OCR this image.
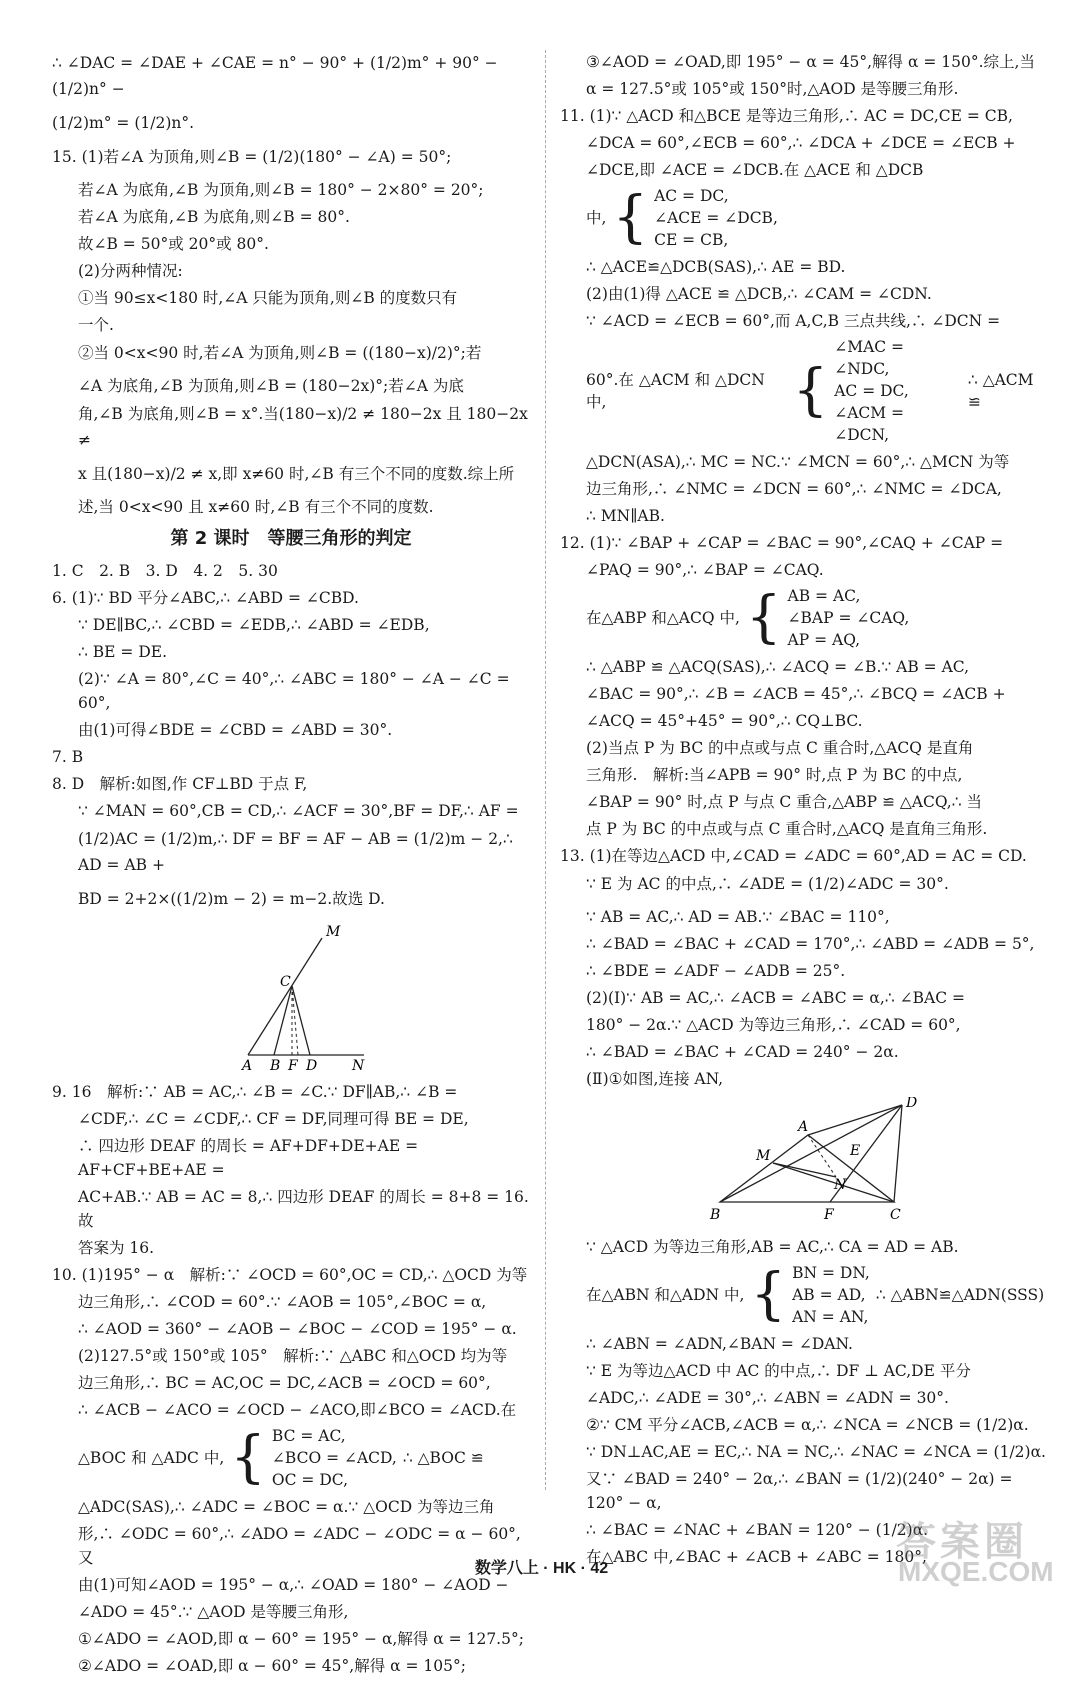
∴ ∠DAC = ∠DAE + ∠CAE = n° − 90° + (1/2)m° + 90° − (1/2)n° −
(1/2)m° = (1/2)n°.
15. (1)若∠A 为顶角,则∠B = (1/2)(180° − ∠A) = 50°;
若∠A 为底角,∠B 为顶角,则∠B = 180° − 2×80° = 20°;
若∠A 为底角,∠B 为底角,则∠B = 80°.
故∠B = 50°或 20°或 80°.
(2)分两种情况:
①当 90≤x<180 时,∠A 只能为顶角,则∠B 的度数只有
一个.
②当 0<x<90 时,若∠A 为顶角,则∠B = ((180−x)/2)°;若
∠A 为底角,∠B 为顶角,则∠B = (180−2x)°;若∠A 为底
角,∠B 为底角,则∠B = x°.当(180−x)/2 ≠ 180−2x 且 180−2x ≠
x 且(180−x)/2 ≠ x,即 x≠60 时,∠B 有三个不同的度数.综上所
述,当 0<x<90 且 x≠60 时,∠B 有三个不同的度数.
第 2 课时　等腰三角形的判定
1. C　2. B　3. D　4. 2　5. 30
6. (1)∵ BD 平分∠ABC,∴ ∠ABD = ∠CBD.
∵ DE∥BC,∴ ∠CBD = ∠EDB,∴ ∠ABD = ∠EDB,
∴ BE = DE.
(2)∵ ∠A = 80°,∠C = 40°,∴ ∠ABC = 180° − ∠A − ∠C = 60°,
由(1)可得∠BDE = ∠CBD = ∠ABD = 30°.
7. B
8. D　解析:如图,作 CF⊥BD 于点 F,
∵ ∠MAN = 60°,CB = CD,∴ ∠ACF = 30°,BF = DF,∴ AF =
(1/2)AC = (1/2)m,∴ DF = BF = AF − AB = (1/2)m − 2,∴ AD = AB +
BD = 2+2×((1/2)m − 2) = m−2.故选 D.
M
C
A B F D N
9. 16　解析:∵ AB = AC,∴ ∠B = ∠C.∵ DF∥AB,∴ ∠B =
∠CDF,∴ ∠C = ∠CDF,∴ CF = DF,同理可得 BE = DE,
∴ 四边形 DEAF 的周长 = AF+DF+DE+AE = AF+CF+BE+AE =
AC+AB.∵ AB = AC = 8,∴ 四边形 DEAF 的周长 = 8+8 = 16.故
答案为 16.
10. (1)195° − α　解析:∵ ∠OCD = 60°,OC = CD,∴ △OCD 为等
边三角形,∴ ∠COD = 60°.∵ ∠AOB = 105°,∠BOC = α,
∴ ∠AOD = 360° − ∠AOB − ∠BOC − ∠COD = 195° − α.
(2)127.5°或 150°或 105°　解析:∵ △ABC 和△OCD 均为等
边三角形,∴ BC = AC,OC = DC,∠ACB = ∠OCD = 60°,
∴ ∠ACB − ∠ACO = ∠OCD − ∠ACO,即∠BCO = ∠ACD.在
△BOC 和 △ADC 中, { BC = AC,
∠BCO = ∠ACD,
OC = DC,
∴ △BOC ≌
△ADC(SAS),∴ ∠ADC = ∠BOC = α.∵ △OCD 为等边三角
形,∴ ∠ODC = 60°,∴ ∠ADO = ∠ADC − ∠ODC = α − 60°,又
由(1)可知∠AOD = 195° − α,∴ ∠OAD = 180° − ∠AOD −
∠ADO = 45°.∵ △AOD 是等腰三角形,
①∠ADO = ∠AOD,即 α − 60° = 195° − α,解得 α = 127.5°;
②∠ADO = ∠OAD,即 α − 60° = 45°,解得 α = 105°;
③∠AOD = ∠OAD,即 195° − α = 45°,解得 α = 150°.综上,当
α = 127.5°或 105°或 150°时,△AOD 是等腰三角形.
11. (1)∵ △ACD 和△BCE 是等边三角形,∴ AC = DC,CE = CB,
∠DCA = 60°,∠ECB = 60°,∴ ∠DCA + ∠DCE = ∠ECB +
∠DCE,即 ∠ACE = ∠DCB.在 △ACE 和 △DCB
中, { AC = DC,
∠ACE = ∠DCB,
CE = CB,
∴ △ACE≌△DCB(SAS),∴ AE = BD.
(2)由(1)得 △ACE ≌ △DCB,∴ ∠CAM = ∠CDN.
∵ ∠ACD = ∠ECB = 60°,而 A,C,B 三点共线,∴ ∠DCN =
60°.在 △ACM 和 △DCN 中,	{
∠MAC = ∠NDC,
AC = DC,
∠ACM = ∠DCN,
∴ △ACM ≌
△DCN(ASA),∴ MC = NC.∵ ∠MCN = 60°,∴ △MCN 为等
边三角形,∴ ∠NMC = ∠DCN = 60°,∴ ∠NMC = ∠DCA,
∴ MN∥AB.
12. (1)∵ ∠BAP + ∠CAP = ∠BAC = 90°,∠CAQ + ∠CAP =
∠PAQ = 90°,∴ ∠BAP = ∠CAQ.
在△ABP 和△ACQ 中, { AB = AC,
∠BAP = ∠CAQ,
AP = AQ,
∴ △ABP ≌ △ACQ(SAS),∴ ∠ACQ = ∠B.∵ AB = AC,
∠BAC = 90°,∴ ∠B = ∠ACB = 45°,∴ ∠BCQ = ∠ACB +
∠ACQ = 45°+45° = 90°,∴ CQ⊥BC.
(2)当点 P 为 BC 的中点或与点 C 重合时,△ACQ 是直角
三角形.　解析:当∠APB = 90° 时,点 P 为 BC 的中点,
∠BAP = 90° 时,点 P 与点 C 重合,△ABP ≌ △ACQ,∴ 当
点 P 为 BC 的中点或与点 C 重合时,△ACQ 是直角三角形.
13. (1)在等边△ACD 中,∠CAD = ∠ADC = 60°,AD = AC = CD.
∵ E 为 AC 的中点,∴ ∠ADE = (1/2)∠ADC = 30°.
∵ AB = AC,∴ AD = AB.∵ ∠BAC = 110°,
∴ ∠BAD = ∠BAC + ∠CAD = 170°,∴ ∠ABD = ∠ADB = 5°,
∴ ∠BDE = ∠ADF − ∠ADB = 25°.
(2)(Ⅰ)∵ AB = AC,∴ ∠ACB = ∠ABC = α,∴ ∠BAC =
180° − 2α.∵ △ACD 为等边三角形,∴ ∠CAD = 60°,
∴ ∠BAD = ∠BAC + ∠CAD = 240° − 2α.
(Ⅱ)①如图,连接 AN,
D
A
M	E
N
B	F	C
∵ △ACD 为等边三角形,AB = AC,∴ CA = AD = AB.
在△ABN 和△ADN 中, { BN = DN,
AB = AD,
AN = AN,
∴ △ABN≌△ADN(SSS)
∴ ∠ABN = ∠ADN,∠BAN = ∠DAN.
∵ E 为等边△ACD 中 AC 的中点,∴ DF ⊥ AC,DE 平分
∠ADC,∴ ∠ADE = 30°,∴ ∠ABN = ∠ADN = 30°.
②∵ CM 平分∠ACB,∠ACB = α,∴ ∠NCA = ∠NCB = (1/2)α.
∵ DN⊥AC,AE = EC,∴ NA = NC,∴ ∠NAC = ∠NCA = (1/2)α.
又∵ ∠BAD = 240° − 2α,∴ ∠BAN = (1/2)(240° − 2α) = 120° − α,
∴ ∠BAC = ∠NAC + ∠BAN = 120° − (1/2)α.
在△ABC 中,∠BAC + ∠ACB + ∠ABC = 180°,
数学八上 · HK · 42
答案圈
MXQE.COM
